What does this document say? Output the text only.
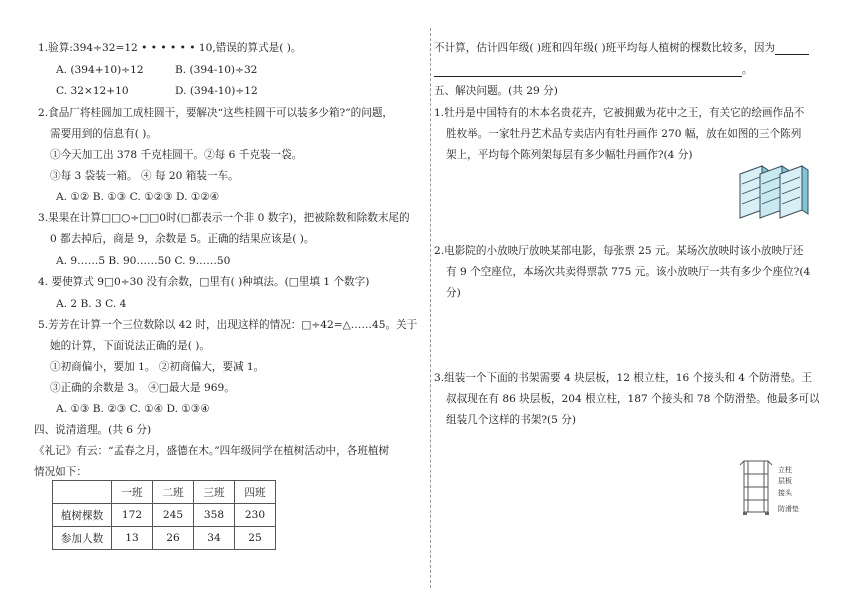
1.验算:394÷32=12 • • • • • • 10,错误的算式是( )。
A. (394+10)÷12	B. (394-10)÷32
C. 32×12+10	D. (394-10)÷12
2.食品厂将桂圆加工成桂圆干，要解决“这些桂圆干可以装多少箱?”的问题，
需要用到的信息有( )。
①今天加工出 378 千克桂圆干。②每 6 千克装一袋。
③每 3 袋装一箱。 ④ 每 20 箱装一车。
A. ①② B. ①③ C. ①②③ D. ①②④
3.果果在计算□□○÷□□0时(□都表示一个非 0 数字)，把被除数和除数末尾的
0 都去掉后，商是 9，余数是 5。正确的结果应该是( )。
A. 9……5 B. 90……50 C. 9……50
4. 要使算式 9□0÷30 没有余数，□里有( )种填法。(□里填 1 个数字)
A. 2 B. 3 C. 4
5.芳芳在计算一个三位数除以 42 时，出现这样的情况：□÷42=△……45。关于
她的计算，下面说法正确的是( )。
①初商偏小，要加 1。 ②初商偏大，要减 1。
③正确的余数是 3。 ④□最大是 969。
A. ①③ B. ②③ C. ①④ D. ①③④
四、说清道理。(共 6 分)
《礼记》有云：“孟春之月，盛德在木。”四年级同学在植树活动中，各班植树
情况如下：
	一班	二班	三班	四班
植树棵数	172	245	358	230
参加人数	13	26	34	25
不计算，估计四年级( )班和四年级( )班平均每人植树的棵数比较多，因为
。
五、解决问题。(共 29 分)
1.牡丹是中国特有的木本名贵花卉，它被拥戴为花中之王，有关它的绘画作品不
胜枚举。一家牡丹艺术品专卖店内有牡丹画作 270 幅，放在如图的三个陈列
架上，平均每个陈列架每层有多少幅牡丹画作?(4 分)
2.电影院的小放映厅放映某部电影，每张票 25 元。某场次放映时该小放映厅还
有 9 个空座位，本场次共卖得票款 775 元。该小放映厅一共有多少个座位?(4
分)
3.组装一个下面的书架需要 4 块层板，12 根立柱，16 个接头和 4 个防滑垫。王
叔叔现在有 86 块层板，204 根立柱，187 个接头和 78 个防滑垫。他最多可以
组装几个这样的书架?(5 分)
立柱
层板
接头
防滑垫
